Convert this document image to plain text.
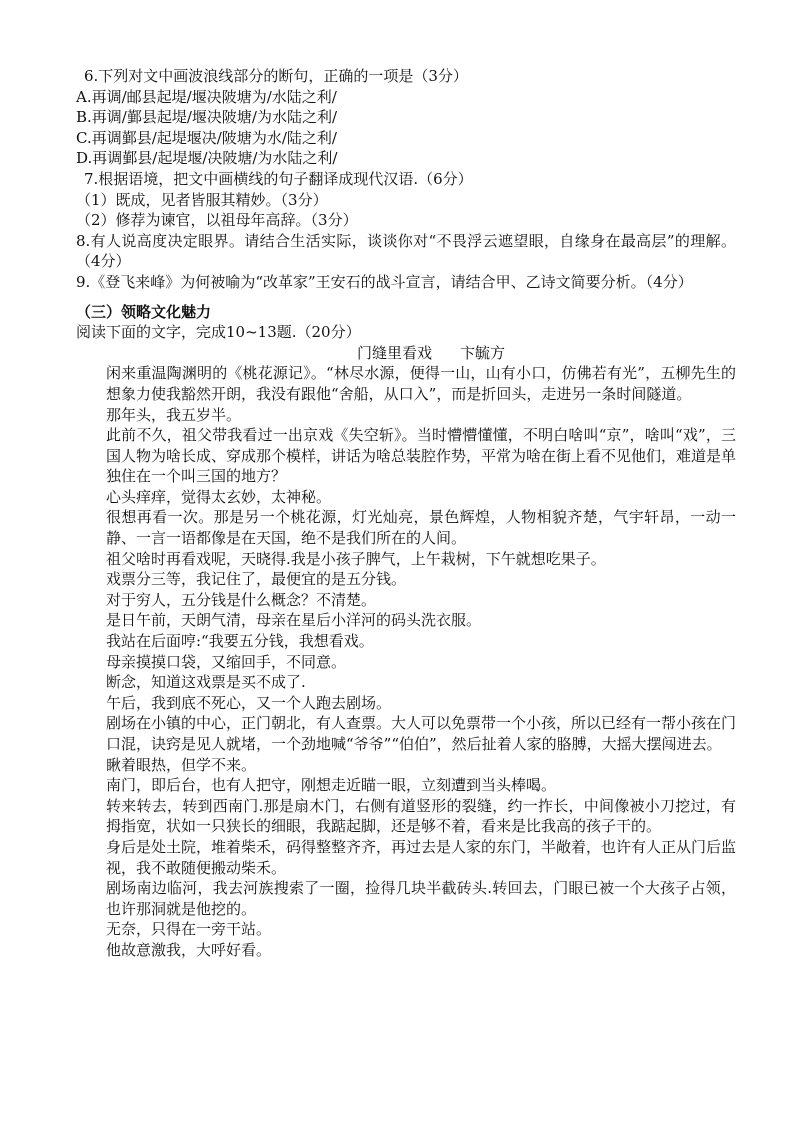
6.下列对文中画波浪线部分的断句，正确的一项是（3分）

A.再调/邮县起堤/堰决陂塘为/水陆之利/

B.再调/鄞县起堤/堰决陂塘/为水陆之利/

C.再调鄞县/起堤堰决/陂塘为水/陆之利/

D.再调鄞县/起堤堰/决陂塘/为水陆之利/

7.根据语境，把文中画横线的句子翻译成现代汉语.（6分）

（1）既成，见者皆服其精妙。（3分）

（2）修荐为谏官，以祖母年高辞。（3分）

8.有人说高度决定眼界。请结合生活实际，谈谈你对“不畏浮云遮望眼，自缘身在最高层”的理解。（4分）

9.《登飞来峰》为何被喻为“改革家”王安石的战斗宣言，请结合甲、乙诗文简要分析。（4分）

（三）领略文化魅力

阅读下面的文字，完成10~13题.（20分）

门缝里看戏 卞毓方

闲来重温陶渊明的《桃花源记》。“林尽水源，便得一山，山有小口，仿佛若有光”，五柳先生的想象力使我豁然开朗，我没有跟他“舍船，从口入”，而是折回头，走进另一条时间隧道。

那年头，我五岁半。

此前不久，祖父带我看过一出京戏《失空斩》。当时懵懵懂懂，不明白啥叫“京”，啥叫“戏”，三国人物为啥长成、穿成那个模样，讲话为啥总装腔作势，平常为啥在街上看不见他们，难道是单独住在一个叫三国的地方？

心头痒痒，觉得太玄妙，太神秘。

很想再看一次。那是另一个桃花源，灯光灿亮，景色辉煌，人物相貌齐楚，气宇轩昂，一动一静、一言一语都像是在天国，绝不是我们所在的人间。

祖父啥时再看戏呢，天晓得.我是小孩子脾气，上午栽树，下午就想吃果子。

戏票分三等，我记住了，最便宜的是五分钱。

对于穷人，五分钱是什么概念？不清楚。

是日午前，天朗气清，母亲在星后小洋河的码头洗衣服。

我站在后面哼:“我要五分钱，我想看戏。

母亲摸摸口袋，又缩回手，不同意。

断念，知道这戏票是买不成了.

午后，我到底不死心，又一个人跑去剧场。

剧场在小镇的中心，正门朝北，有人查票。大人可以免票带一个小孩，所以已经有一帮小孩在门口混，诀窍是见人就堵，一个劲地喊“爷爷”“伯伯”，然后扯着人家的胳膊，大摇大摆闯进去。

瞅着眼热，但学不来。

南门，即后台，也有人把守，刚想走近瞄一眼，立刻遭到当头棒喝。

转来转去，转到西南门.那是扇木门，右侧有道竖形的裂缝，约一拃长，中间像被小刀挖过，有拇指宽，状如一只狭长的细眼，我踮起脚，还是够不着，看来是比我高的孩子干的。

身后是处土院，堆着柴禾，码得整整齐齐，再过去是人家的东门，半敞着，也许有人正从门后监视，我不敢随便搬动柴禾。

剧场南边临河，我去河族搜索了一圈，捡得几块半截砖头.转回去，门眼已被一个大孩子占领，也许那洞就是他挖的。

无奈，只得在一旁干站。

他故意激我，大呼好看。
